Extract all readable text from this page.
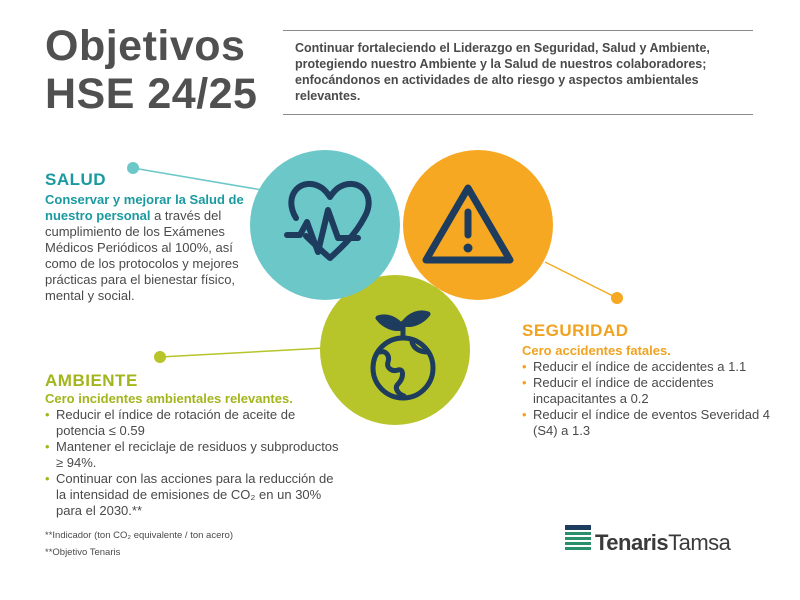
Objetivos
HSE 24/25
Continuar fortaleciendo el Liderazgo en Seguridad, Salud y Ambiente, protegiendo nuestro Ambiente y la Salud de nuestros colaboradores; enfocándonos en actividades de alto riesgo y aspectos ambientales relevantes.
SALUD
Conservar y mejorar la Salud de nuestro personal a través del cumplimiento de los Exámenes Médicos Periódicos al 100%, así como de los protocolos y mejores prácticas para el bienestar físico, mental y social.
SEGURIDAD
Cero accidentes fatales.
• Reducir el índice de accidentes a 1.1
• Reducir el índice de accidentes incapacitantes a 0.2
• Reducir el índice de eventos Severidad 4 (S4) a 1.3
AMBIENTE
Cero incidentes ambientales relevantes.
• Reducir el índice de rotación de aceite de potencia ≤ 0.59
• Mantener el reciclaje de residuos y subproductos ≥ 94%.
• Continuar con las acciones para la reducción de la intensidad de emisiones de CO₂ en un 30% para el 2030.**
**Indicador (ton CO₂ equivalente / ton acero)
**Objetivo Tenaris	TenarisTamsa
